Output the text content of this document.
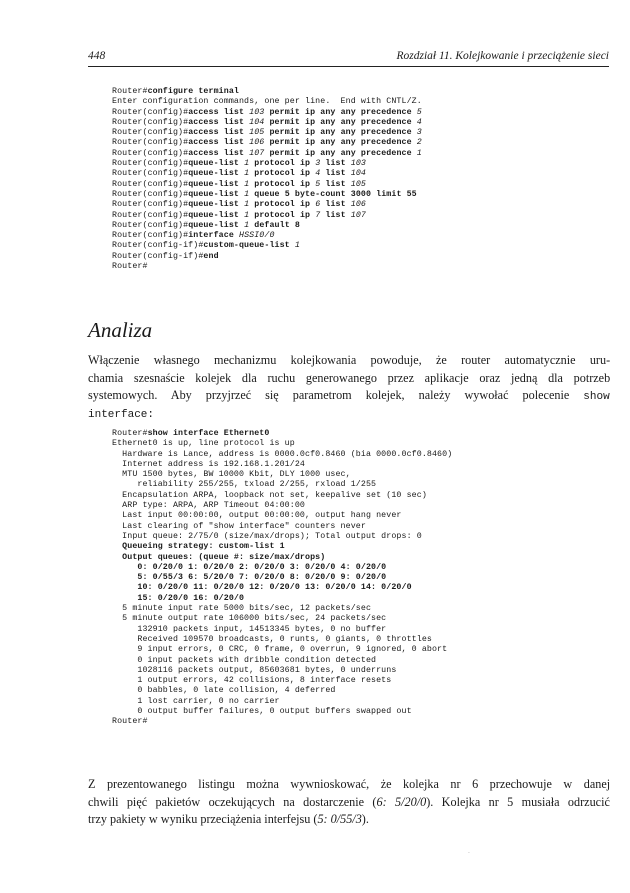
448	Rozdział 11. Kolejkowanie i przeciążenie sieci
Router#configure terminal
Enter configuration commands, one per line.  End with CNTL/Z.
Router(config)#access list 103 permit ip any any precedence 5
Router(config)#access list 104 permit ip any any precedence 4
Router(config)#access list 105 permit ip any any precedence 3
Router(config)#access list 106 permit ip any any precedence 2
Router(config)#access list 107 permit ip any any precedence 1
Router(config)#queue-list 1 protocol ip 3 list 103
Router(config)#queue-list 1 protocol ip 4 list 104
Router(config)#queue-list 1 protocol ip 5 list 105
Router(config)#queue-list 1 queue 5 byte-count 3000 limit 55
Router(config)#queue-list 1 protocol ip 6 list 106
Router(config)#queue-list 1 protocol ip 7 list 107
Router(config)#queue-list 1 default 8
Router(config)#interface HSSI0/0
Router(config-if)#custom-queue-list 1
Router(config-if)#end
Router#
Analiza
Włączenie własnego mechanizmu kolejkowania powoduje, że router automatycznie uru-
chamia szesnaście kolejek dla ruchu generowanego przez aplikacje oraz jedną dla potrzeb
systemowych. Aby przyjrzeć się parametrom kolejek, należy wywołać polecenie show
interface:
Router#show interface Ethernet0
Ethernet0 is up, line protocol is up
Hardware is Lance, address is 0000.0cf0.8460 (bia 0000.0cf0.8460)
Internet address is 192.168.1.201/24
MTU 1500 bytes, BW 10000 Kbit, DLY 1000 usec,
reliability 255/255, txload 2/255, rxload 1/255
Encapsulation ARPA, loopback not set, keepalive set (10 sec)
ARP type: ARPA, ARP Timeout 04:00:00
Last input 00:00:00, output 00:00:00, output hang never
Last clearing of "show interface" counters never
Input queue: 2/75/0 (size/max/drops); Total output drops: 0
Queueing strategy: custom-list 1
Output queues: (queue #: size/max/drops)
0: 0/20/0 1: 0/20/0 2: 0/20/0 3: 0/20/0 4: 0/20/0
5: 0/55/3 6: 5/20/0 7: 0/20/0 8: 0/20/0 9: 0/20/0
10: 0/20/0 11: 0/20/0 12: 0/20/0 13: 0/20/0 14: 0/20/0
15: 0/20/0 16: 0/20/0
5 minute input rate 5000 bits/sec, 12 packets/sec
5 minute output rate 106000 bits/sec, 24 packets/sec
132910 packets input, 14513345 bytes, 0 no buffer
Received 109570 broadcasts, 0 runts, 0 giants, 0 throttles
9 input errors, 0 CRC, 0 frame, 0 overrun, 9 ignored, 0 abort
0 input packets with dribble condition detected
1028116 packets output, 85603681 bytes, 0 underruns
1 output errors, 42 collisions, 8 interface resets
0 babbles, 0 late collision, 4 deferred
1 lost carrier, 0 no carrier
0 output buffer failures, 0 output buffers swapped out
Router#
Z prezentowanego listingu można wywnioskować, że kolejka nr 6 przechowuje w danej
chwili pięć pakietów oczekujących na dostarczenie (6: 5/20/0). Kolejka nr 5 musiała odrzucić
trzy pakiety w wyniku przeciążenia interfejsu (5: 0/55/3).
·
